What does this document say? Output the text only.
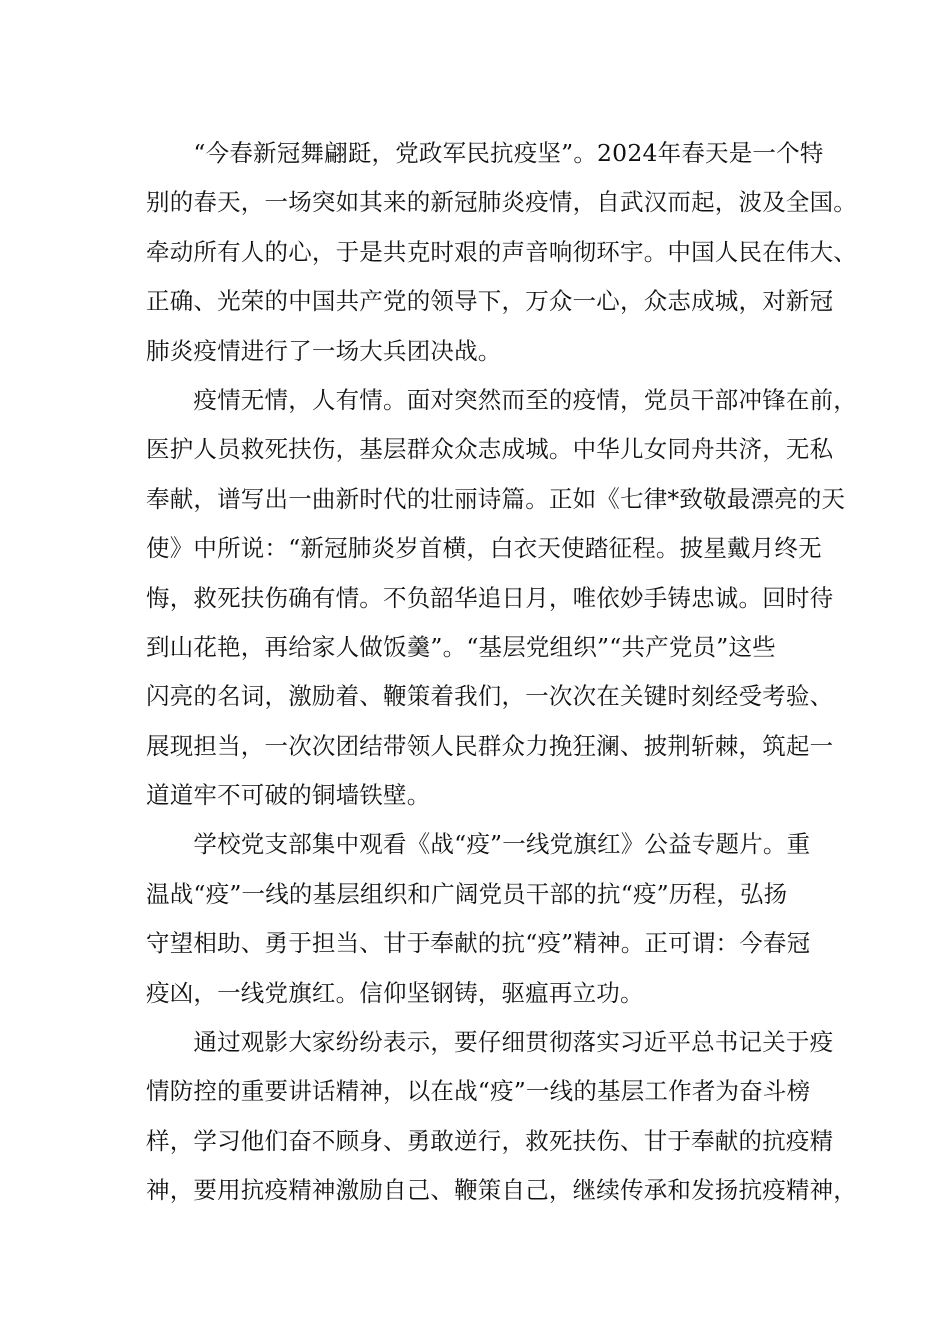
　　“今春新冠舞翩跹，党政军民抗疫坚”。2024年春天是一个特
别的春天，一场突如其来的新冠肺炎疫情，自武汉而起，波及全国。
牵动所有人的心，于是共克时艰的声音响彻环宇。中国人民在伟大、
正确、光荣的中国共产党的领导下，万众一心，众志成城，对新冠
肺炎疫情进行了一场大兵团决战。
　　疫情无情，人有情。面对突然而至的疫情，党员干部冲锋在前，
医护人员救死扶伤，基层群众众志成城。中华儿女同舟共济，无私
奉献，谱写出一曲新时代的壮丽诗篇。正如《七律*致敬最漂亮的天
使》中所说：“新冠肺炎岁首横，白衣天使踏征程。披星戴月终无
悔，救死扶伤确有情。不负韶华追日月，唯依妙手铸忠诚。回时待
到山花艳，再给家人做饭羹”。“基层党组织”“共产党员”这些
闪亮的名词，激励着、鞭策着我们，一次次在关键时刻经受考验、
展现担当，一次次团结带领人民群众力挽狂澜、披荆斩棘，筑起一
道道牢不可破的铜墙铁壁。
　　学校党支部集中观看《战“疫”一线党旗红》公益专题片。重
温战“疫”一线的基层组织和广阔党员干部的抗“疫”历程，弘扬
守望相助、勇于担当、甘于奉献的抗“疫”精神。正可谓：今春冠
疫凶，一线党旗红。信仰坚钢铸，驱瘟再立功。
　　通过观影大家纷纷表示，要仔细贯彻落实习近平总书记关于疫
情防控的重要讲话精神，以在战“疫”一线的基层工作者为奋斗榜
样，学习他们奋不顾身、勇敢逆行，救死扶伤、甘于奉献的抗疫精
神，要用抗疫精神激励自己、鞭策自己，继续传承和发扬抗疫精神，
